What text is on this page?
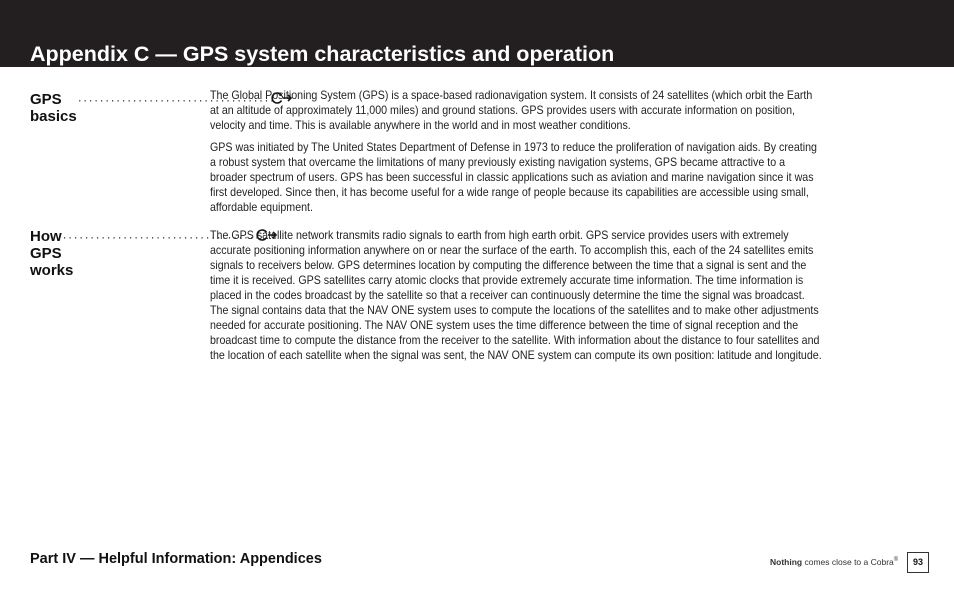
Appendix C — GPS system characteristics and operation
GPS basics
····································

The Global Positioning System (GPS) is a space-based radionavigation system. It consists of 24 satellites (which orbit the Earth at an altitude of approximately 11,000 miles) and ground stations. GPS provides users with accurate information on position, velocity and time. This is available anywhere in the world and in most weather conditions.

GPS was initiated by The United States Department of Defense in 1973 to reduce the proliferation of navigation aids. By creating a robust system that overcame the limitations of many previously existing navigation systems, GPS became attractive to a broader spectrum of users. GPS has been successful in classic applications such as aviation and marine navigation since it was first developed. Since then, it has become useful for a wide range of people because its capabilities are accessible using small, affordable equipment.

How GPS
····································
works

The GPS satellite network transmits radio signals to earth from high earth orbit. GPS service provides users with extremely accurate positioning information anywhere on or near the surface of the earth. To accomplish this, each of the 24 satellites emits signals to receivers below. GPS determines location by computing the difference between the time that a signal is sent and the time it is received. GPS satellites carry atomic clocks that provide extremely accurate time information. The time information is placed in the codes broadcast by the satellite so that a receiver can continuously determine the time the signal was broadcast. The signal contains data that the NAV ONE system uses to compute the locations of the satellites and to make other adjustments needed for accurate positioning. The NAV ONE system uses the time difference between the time of signal reception and the broadcast time to compute the distance from the receiver to the satellite. With information about the distance to four satellites and the location of each satellite when the signal was sent, the NAV ONE system can compute its own position: latitude and longitude.

Part IV — Helpful Information: Appendices	Nothing comes close to a Cobra®	93
